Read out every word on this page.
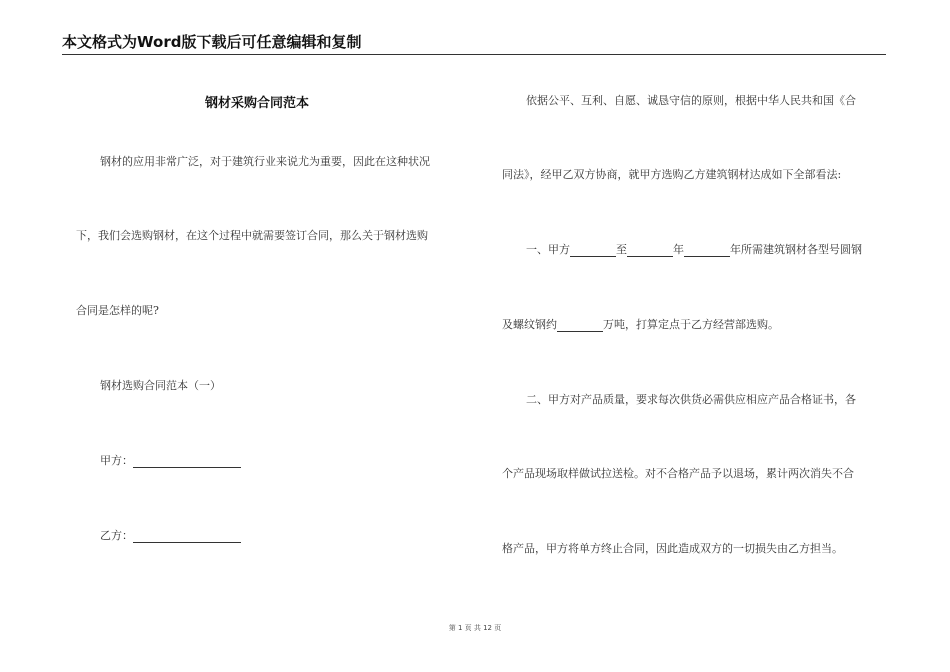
本文格式为Word版下载后可任意编辑和复制
钢材采购合同范本
钢材的应用非常广泛，对于建筑行业来说尤为重要，因此在这种状况
下，我们会选购钢材，在这个过程中就需要签订合同，那么关于钢材选购
合同是怎样的呢?
钢材选购合同范本（一）
甲方：
乙方：
依据公平、互利、自愿、诚恳守信的原则，根据中华人民共和国《合
同法》，经甲乙双方协商，就甲方选购乙方建筑钢材达成如下全部看法:
一、甲方	至	年	年所需建筑钢材各型号圆钢
及螺纹钢约	万吨，打算定点于乙方经营部选购。
二、甲方对产品质量，要求每次供货必需供应相应产品合格证书，各
个产品现场取样做试拉送检。对不合格产品予以退场，累计两次消失不合
格产品，甲方将单方终止合同，因此造成双方的一切损失由乙方担当。
第 1 页 共 12 页
